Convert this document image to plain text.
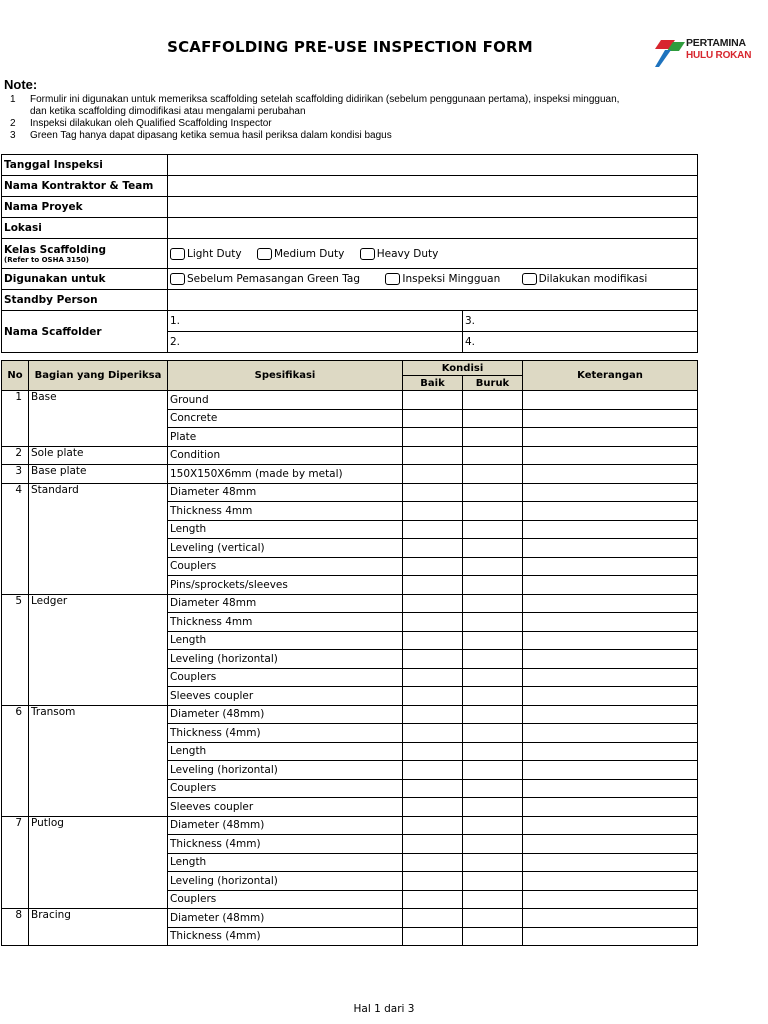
SCAFFOLDING PRE-USE INSPECTION FORM	PERTAMINA
HULU ROKAN
Note:
1 Formulir ini digunakan untuk memeriksa scaffolding setelah scaffolding didirikan (sebelum penggunaan pertama), inspeksi mingguan,
dan ketika scaffolding dimodifikasi atau mengalami perubahan
2 Inspeksi dilakukan oleh Qualified Scaffolding Inspector
3 Green Tag hanya dapat dipasang ketika semua hasil periksa dalam kondisi bagus
Tanggal Inspeksi		
Nama Kontraktor & Team		
Nama Proyek		
Lokasi		
Kelas Scaffolding
(Refer to OSHA 3150)	Light Duty Medium Duty Heavy Duty	
Digunakan untuk	Sebelum Pemasangan Green Tag Inspeksi Mingguan Dilakukan modifikasi	
Standby Person		
Nama Scaffolder	1.	3.
	2.	4.
No	Bagian yang Diperiksa	Spesifikasi	Kondisi		Keterangan
			Baik	Buruk	
1	Base	Ground			
		Concrete			
		Plate			
2	Sole plate	Condition			
3	Base plate	150X150X6mm (made by metal)			
4	Standard	Diameter 48mm			
		Thickness 4mm			
		Length			
		Leveling (vertical)			
		Couplers			
		Pins/sprockets/sleeves			
5	Ledger	Diameter 48mm			
		Thickness 4mm			
		Length			
		Leveling (horizontal)			
		Couplers			
		Sleeves coupler			
6	Transom	Diameter (48mm)			
		Thickness (4mm)			
		Length			
		Leveling (horizontal)			
		Couplers			
		Sleeves coupler			
7	Putlog	Diameter (48mm)			
		Thickness (4mm)			
		Length			
		Leveling (horizontal)			
		Couplers			
8	Bracing	Diameter (48mm)			
		Thickness (4mm)			
Hal 1 dari 3
